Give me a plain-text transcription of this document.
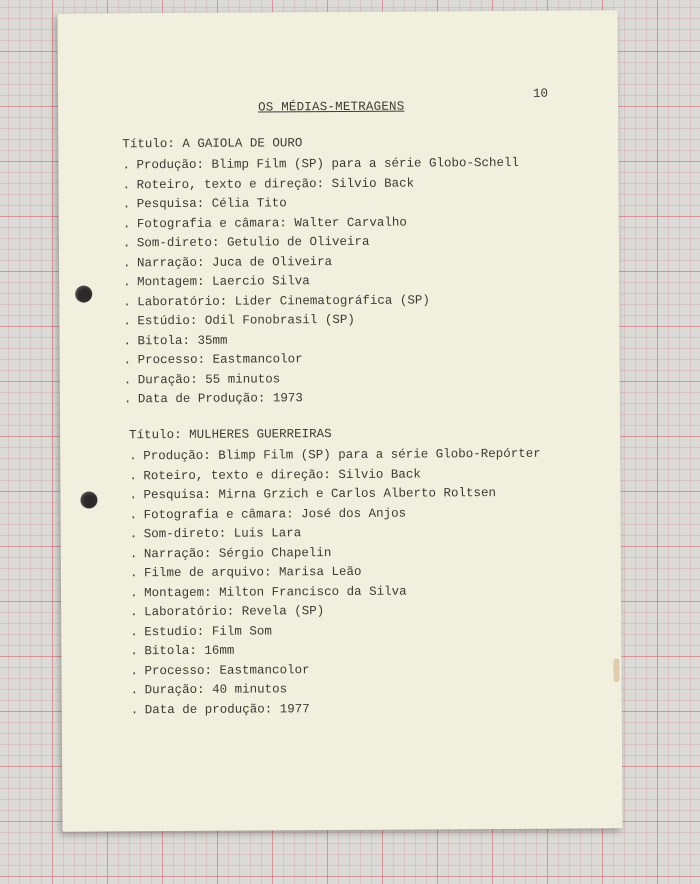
10
OS MÉDIAS-METRAGENS
Título: A GAIOLA DE OURO
. Produção: Blimp Film (SP) para a série Globo-Schell
. Roteiro, texto e direção: Silvio Back
. Pesquisa: Célia Tito
. Fotografia e câmara: Walter Carvalho
. Som-direto: Getulio de Oliveira
. Narração: Juca de Oliveira
. Montagem: Laercio Silva
. Laboratório: Lider Cinematográfica (SP)
. Estúdio: Odil Fonobrasil (SP)
. Bitola: 35mm
. Processo: Eastmancolor
. Duração: 55 minutos
. Data de Produção: 1973
Título: MULHERES GUERREIRAS
. Produção: Blimp Film (SP) para a série Globo-Repórter
. Roteiro, texto e direção: Silvio Back
. Pesquisa: Mirna Grzich e Carlos Alberto Roltsen
. Fotografia e câmara: José dos Anjos
. Som-direto: Luis Lara
. Narração: Sérgio Chapelin
. Filme de arquivo: Marisa Leão
. Montagem: Milton Francisco da Silva
. Laboratório: Revela (SP)
. Estudio: Film Som
. Bitola: 16mm
. Processo: Eastmancolor
. Duração: 40 minutos
. Data de produção: 1977
